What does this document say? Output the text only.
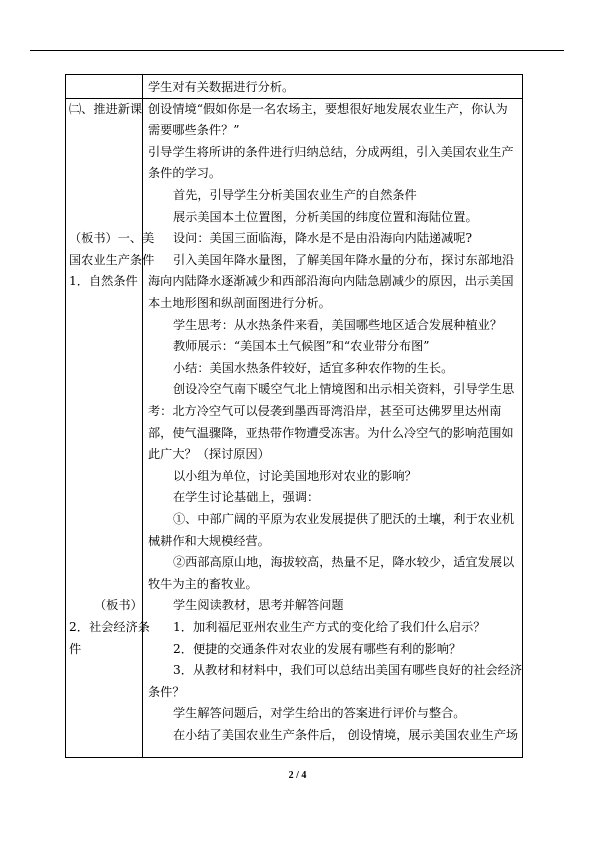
㈡、推进新课
（板书）一、美
国农业生产条件
1．自然条件
（板书）
2．社会经济条
件
学生对有关数据进行分析。
创设情境“假如你是一名农场主，要想很好地发展农业生产，你认为
需要哪些条件？”
引导学生将所讲的条件进行归纳总结，分成两组，引入美国农业生产
条件的学习。
首先，引导学生分析美国农业生产的自然条件
展示美国本土位置图，分析美国的纬度位置和海陆位置。
设问：美国三面临海，降水是不是由沿海向内陆递减呢?
引入美国年降水量图，了解美国年降水量的分布，探讨东部地沿
海向内陆降水逐渐减少和西部沿海向内陆急剧减少的原因，出示美国
本土地形图和纵剖面图进行分析。
学生思考：从水热条件来看，美国哪些地区适合发展种植业？
教师展示：“美国本土气候图”和“农业带分布图”
小结：美国水热条件较好，适宜多种农作物的生长。
创设冷空气南下暖空气北上情境图和出示相关资料，引导学生思
考：北方冷空气可以侵袭到墨西哥湾沿岸，甚至可达佛罗里达州南
部，使气温骤降，亚热带作物遭受冻害。为什么冷空气的影响范围如
此广大？（探讨原因）
以小组为单位，讨论美国地形对农业的影响？
在学生讨论基础上，强调：
①、中部广阔的平原为农业发展提供了肥沃的土壤，利于农业机
械耕作和大规模经营。
②西部高原山地，海拔较高，热量不足，降水较少，适宜发展以
牧牛为主的畜牧业。
学生阅读教材，思考并解答问题
1．加利福尼亚州农业生产方式的变化给了我们什么启示？
2．便捷的交通条件对农业的发展有哪些有利的影响？
3．从教材和材料中，我们可以总结出美国有哪些良好的社会经济
条件？
学生解答问题后，对学生给出的答案进行评价与整合。
在小结了美国农业生产条件后， 创设情境，展示美国农业生产场
2 / 4
